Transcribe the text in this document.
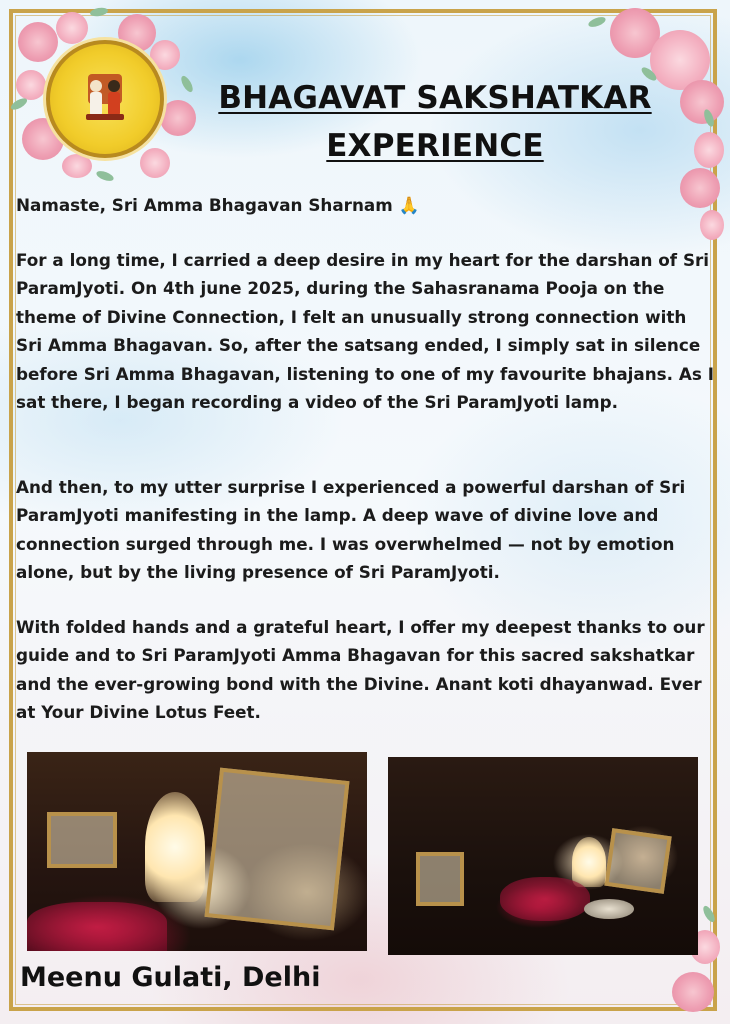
BHAGAVAT SAKSHATKAR
EXPERIENCE

Namaste, Sri Amma Bhagavan Sharnam 🙏

For a long time, I carried a deep desire in my heart for the darshan of Sri ParamJyoti. On 4th june 2025, during the Sahasranama Pooja on the theme of Divine Connection, I felt an unusually strong connection with Sri Amma Bhagavan. So, after the satsang ended, I simply sat in silence before Sri Amma Bhagavan, listening to one of my favourite bhajans. As I sat there, I began recording a video of the Sri ParamJyoti lamp.

And then, to my utter surprise I experienced a powerful darshan of Sri ParamJyoti manifesting in the lamp. A deep wave of divine love and connection surged through me. I was overwhelmed — not by emotion alone, but by the living presence of Sri ParamJyoti.

With folded hands and a grateful heart, I offer my deepest thanks to our guide and to Sri ParamJyoti Amma Bhagavan for this sacred sakshatkar and the ever-growing bond with the Divine. Anant koti dhayanwad. Ever at Your Divine Lotus Feet.

Meenu Gulati, Delhi
